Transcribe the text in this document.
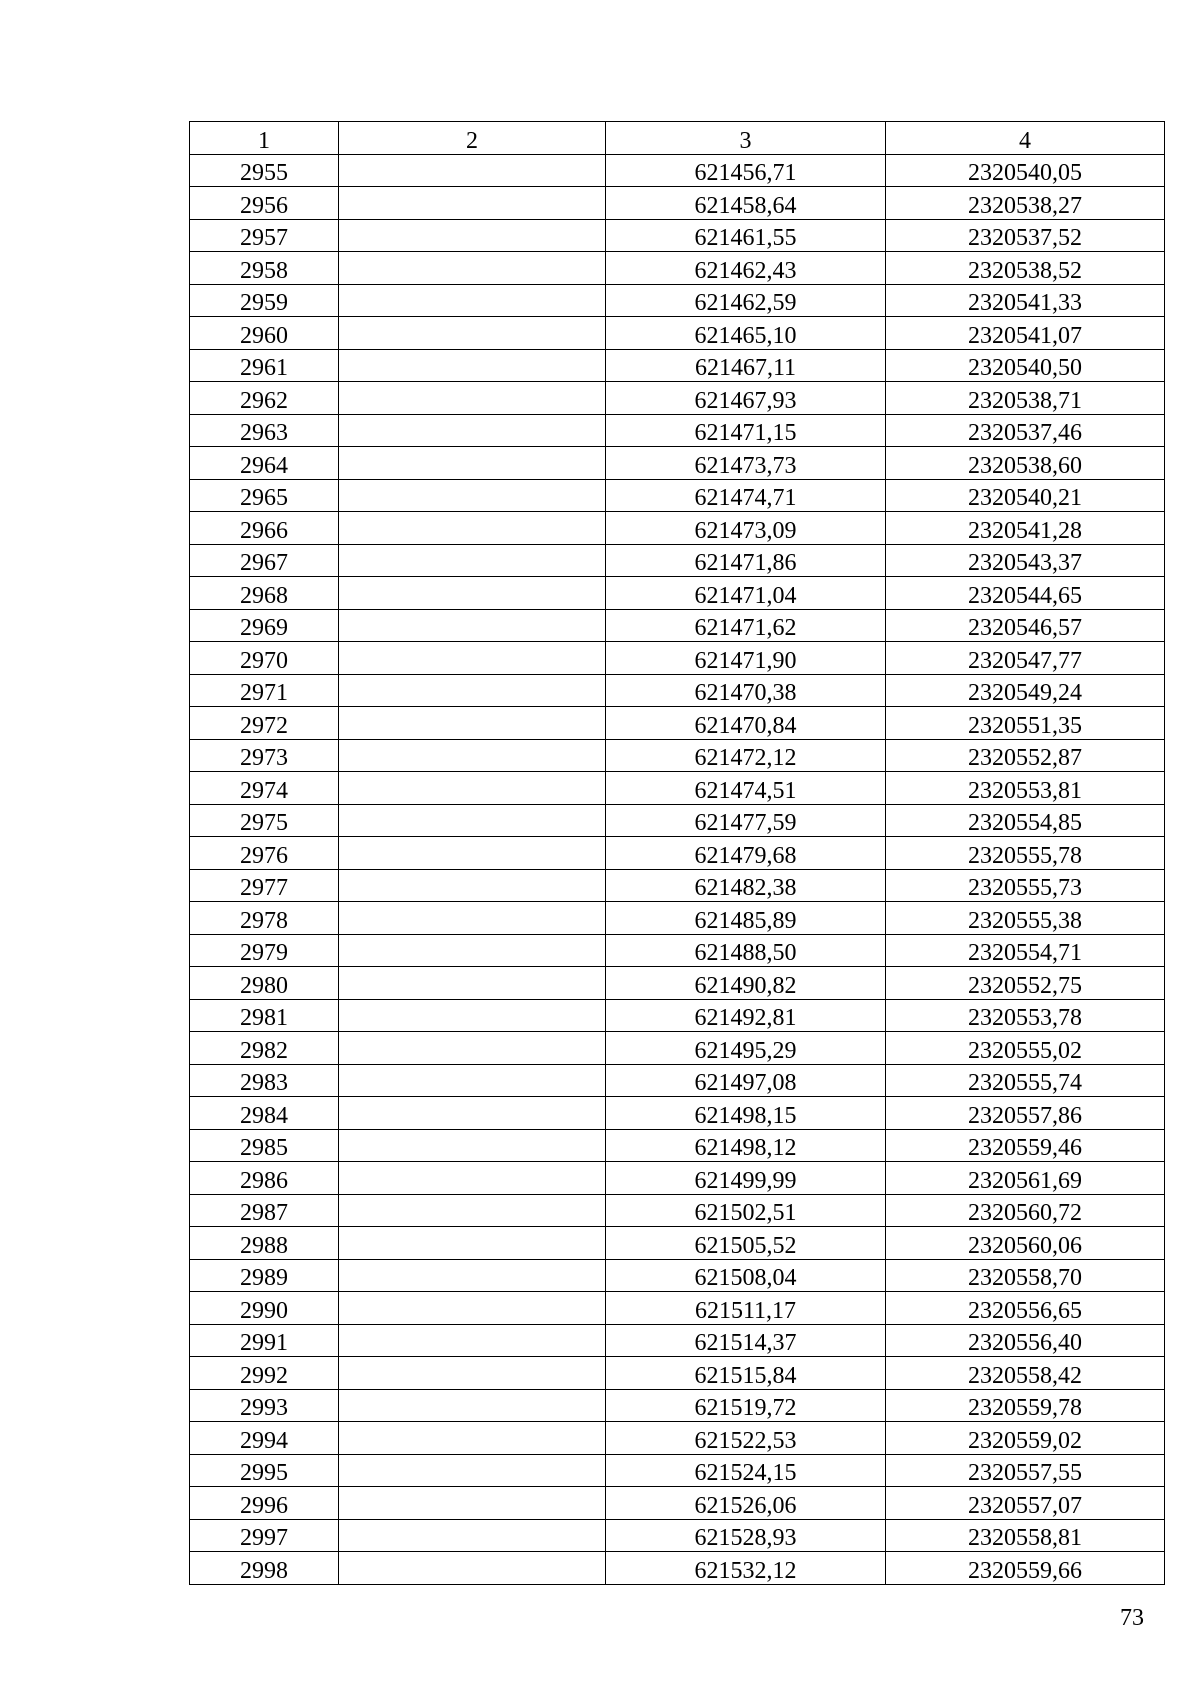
1	2	3	4
2955		621456,71	2320540,05
2956		621458,64	2320538,27
2957		621461,55	2320537,52
2958		621462,43	2320538,52
2959		621462,59	2320541,33
2960		621465,10	2320541,07
2961		621467,11	2320540,50
2962		621467,93	2320538,71
2963		621471,15	2320537,46
2964		621473,73	2320538,60
2965		621474,71	2320540,21
2966		621473,09	2320541,28
2967		621471,86	2320543,37
2968		621471,04	2320544,65
2969		621471,62	2320546,57
2970		621471,90	2320547,77
2971		621470,38	2320549,24
2972		621470,84	2320551,35
2973		621472,12	2320552,87
2974		621474,51	2320553,81
2975		621477,59	2320554,85
2976		621479,68	2320555,78
2977		621482,38	2320555,73
2978		621485,89	2320555,38
2979		621488,50	2320554,71
2980		621490,82	2320552,75
2981		621492,81	2320553,78
2982		621495,29	2320555,02
2983		621497,08	2320555,74
2984		621498,15	2320557,86
2985		621498,12	2320559,46
2986		621499,99	2320561,69
2987		621502,51	2320560,72
2988		621505,52	2320560,06
2989		621508,04	2320558,70
2990		621511,17	2320556,65
2991		621514,37	2320556,40
2992		621515,84	2320558,42
2993		621519,72	2320559,78
2994		621522,53	2320559,02
2995		621524,15	2320557,55
2996		621526,06	2320557,07
2997		621528,93	2320558,81
2998		621532,12	2320559,66
73
